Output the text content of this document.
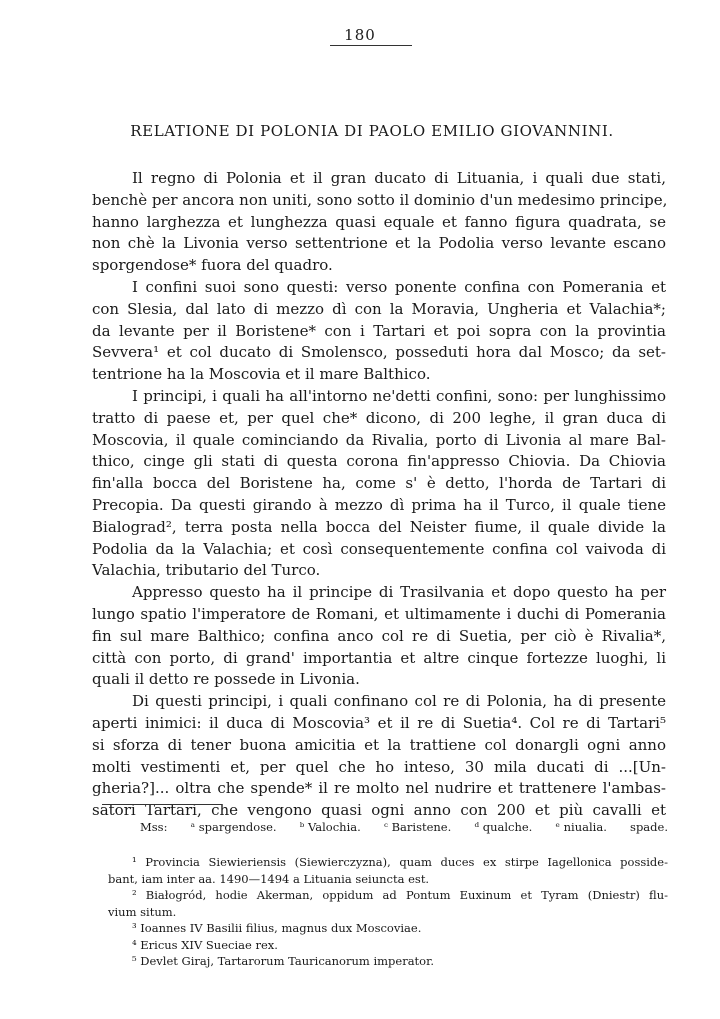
180
RELATIONE DI POLONIA DI PAOLO EMILIO GIOVANNINI.
Il regno di Polonia et il gran ducato di Lituania, i quali due stati,
benchè per ancora non uniti, sono sotto il dominio d'un medesimo principe,
hanno larghezza et lunghezza quasi equale et fanno figura quadrata, se
non chè la Livonia verso settentrione et la Podolia verso levante escano
sporgendose* fuora del quadro.
I confini suoi sono questi: verso ponente confina con Pomerania et
con Slesia, dal lato di mezzo dì con la Moravia, Ungheria et Valachia*;
da levante per il Boristene* con i Tartari et poi sopra con la provintia
Sevvera¹ et col ducato di Smolensco, posseduti hora dal Mosco; da set-
tentrione ha la Moscovia et il mare Balthico.
I principi, i quali ha all'intorno ne'detti confini, sono: per lunghissimo
tratto di paese et, per quel che* dicono, di 200 leghe, il gran duca di
Moscovia, il quale cominciando da Rivalia, porto di Livonia al mare Bal-
thico, cinge gli stati di questa corona fin'appresso Chiovia. Da Chiovia
fin'alla bocca del Boristene ha, come s' è detto, l'horda de Tartari di
Precopia. Da questi girando à mezzo dì prima ha il Turco, il quale tiene
Bialograd², terra posta nella bocca del Neister fiume, il quale divide la
Podolia da la Valachia; et così consequentemente confina col vaivoda di
Valachia, tributario del Turco.
Appresso questo ha il principe di Trasilvania et dopo questo ha per
lungo spatio l'imperatore de Romani, et ultimamente i duchi di Pomerania
fin sul mare Balthico; confina anco col re di Suetia, per ciò è Rivalia*,
città con porto, di grand' importantia et altre cinque fortezze luoghi, li
quali il detto re possede in Livonia.
Di questi principi, i quali confinano col re di Polonia, ha di presente
aperti inimici: il duca di Moscovia³ et il re di Suetia⁴. Col re di Tartari⁵
si sforza di tener buona amicitia et la trattiene col donargli ogni anno
molti vestimenti et, per quel che ho inteso, 30 mila ducati di ...[Un-
gheria?]... oltra che spende* il re molto nel nudrire et trattenere l'ambas-
satori Tartari, che vengono quasi ogni anno con 200 et più cavalli et
Mss: ᵃ spargendose. ᵇ Valochia. ᶜ Baristene. ᵈ qualche. ᵉ niualia. spade.
¹ Provincia Siewieriensis (Siewierczyzna), quam duces ex stirpe Iagellonica posside-
bant, iam inter aa. 1490—1494 a Lituania seiuncta est.
² Białogród, hodie Akerman, oppidum ad Pontum Euxinum et Tyram (Dniestr) flu-
vium situm.
³ Ioannes IV Basilii filius, magnus dux Moscoviae.
⁴ Ericus XIV Sueciae rex.
⁵ Devlet Giraj, Tartarorum Tauricanorum imperator.
